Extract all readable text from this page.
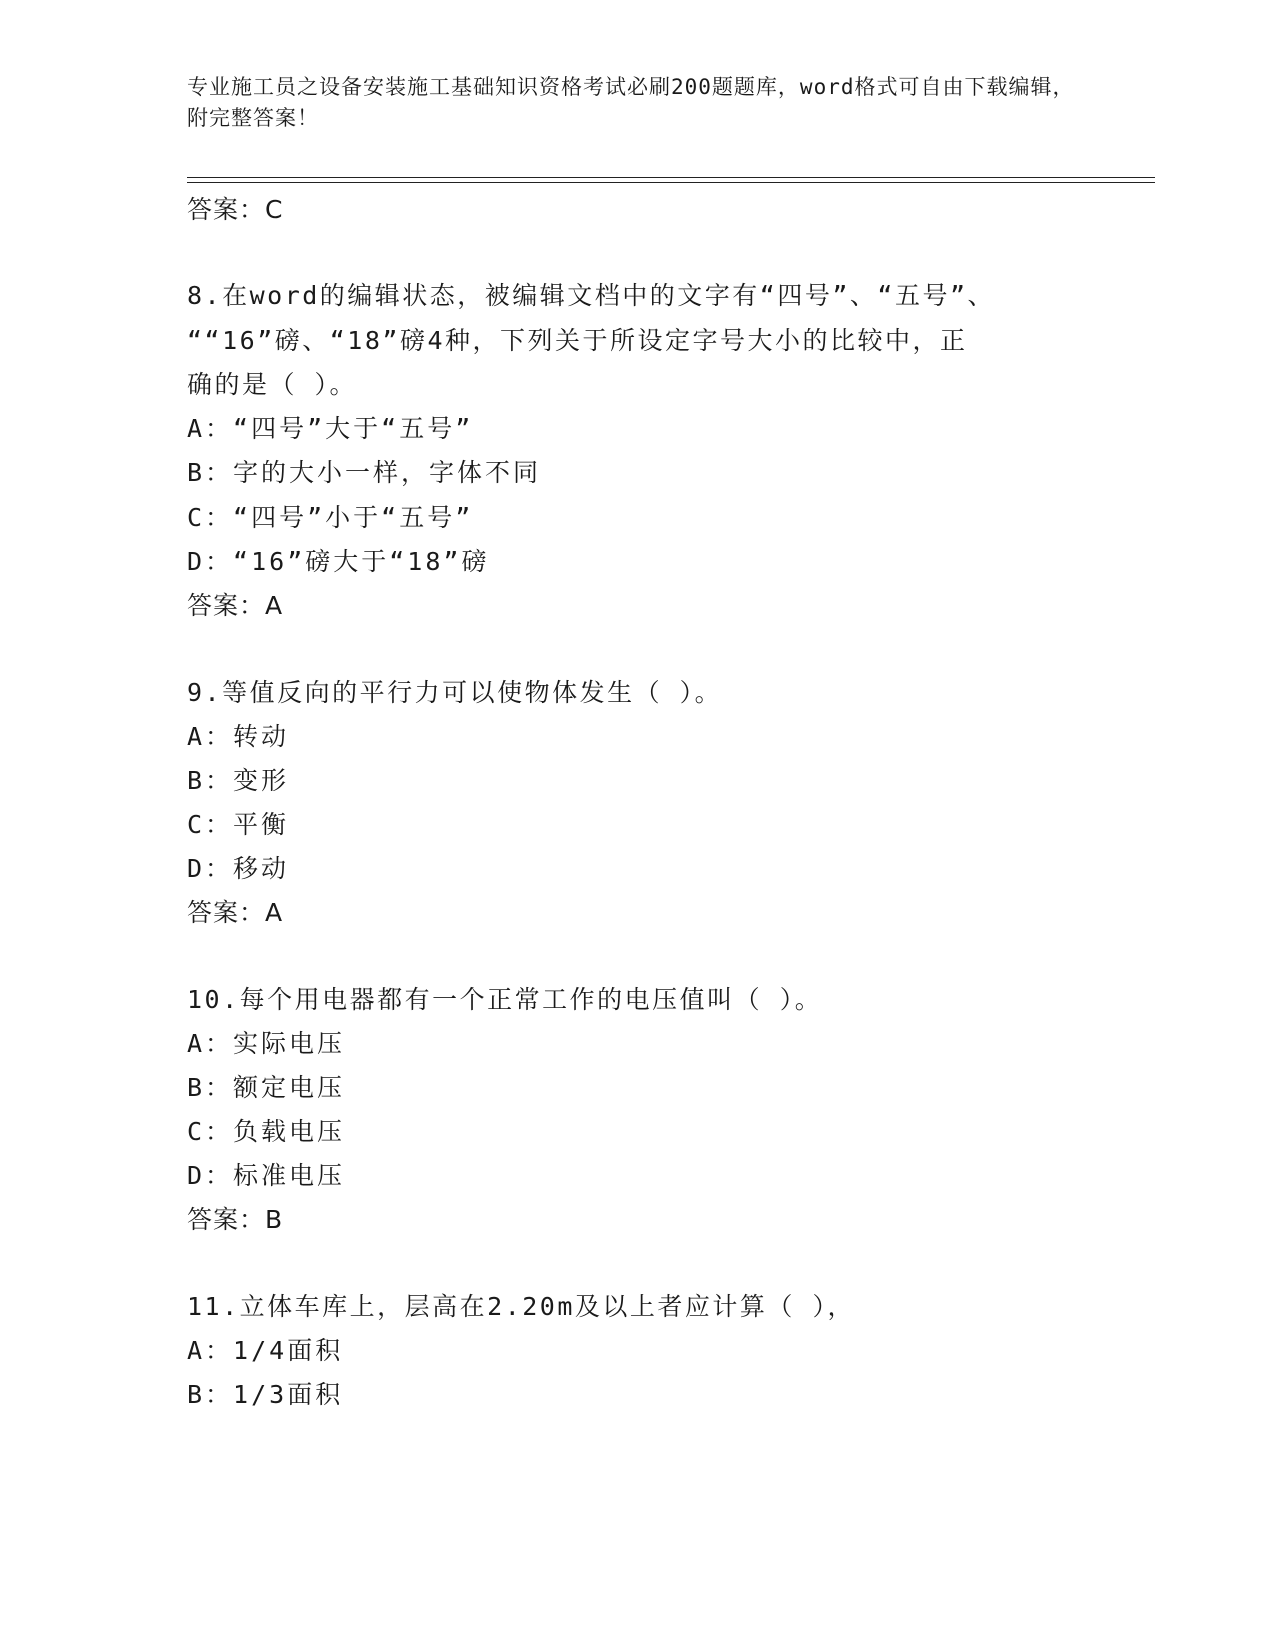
专业施工员之设备安装施工基础知识资格考试必刷200题题库，word格式可自由下载编辑，附完整答案！
答案：C
8.在word的编辑状态，被编辑文档中的文字有“四号”、“五号”、
““16”磅、“18”磅4种，下列关于所设定字号大小的比较中，正
确的是（ ）。
A：“四号”大于“五号”
B：字的大小一样，字体不同
C：“四号”小于“五号”
D：“16”磅大于“18”磅
答案：A
9.等值反向的平行力可以使物体发生（ ）。
A：转动
B：变形
C：平衡
D：移动
答案：A
10.每个用电器都有一个正常工作的电压值叫（ ）。
A：实际电压
B：额定电压
C：负载电压
D：标准电压
答案：B
11.立体车库上，层高在2.20m及以上者应计算（ ），
A：1/4面积
B：1/3面积
